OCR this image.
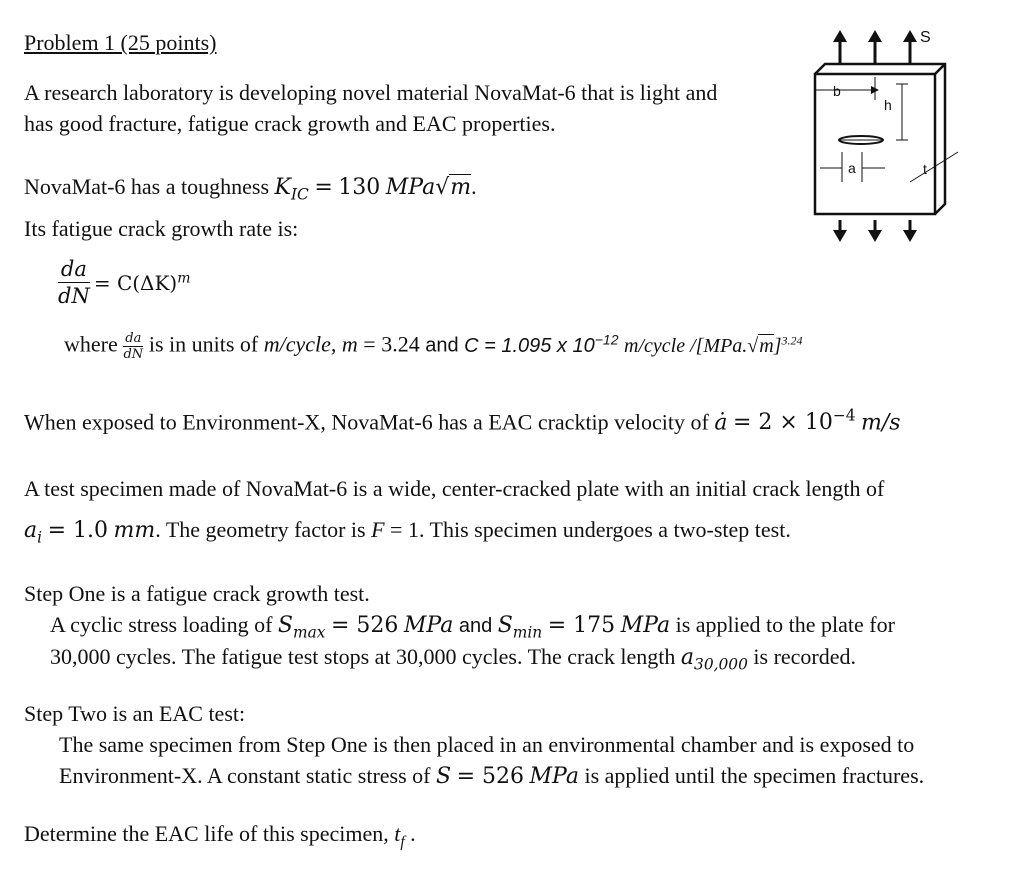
Problem 1 (25 points)
A research laboratory is developing novel material NovaMat-6 that is light and
has good fracture, fatigue crack growth and EAC properties.
NovaMat-6 has a toughness $K_{IC} = 130$ MPa√m.
Its fatigue crack growth rate is:
$\frac{da}{dN} = C(\Delta K)^m$
where $\frac{da}{dN}$ is in units of m/cycle, m = 3.24 and C = 1.095 x $10^{-12}$ m/cycle $/[MPa.√m]^{3.24}$
When exposed to Environment-X, NovaMat-6 has a EAC cracktip velocity of ȧ = $2 \times 10^{-4}$ m/s
A test specimen made of NovaMat-6 is a wide, center-cracked plate with an initial crack length of
$a_i = 1.0$ mm. The geometry factor is F = 1. This specimen undergoes a two-step test.
Step One is a fatigue crack growth test.
A cyclic stress loading of $S_{max} = 526$ MPa and $S_{min} = 175$ MPa is applied to the plate for
30,000 cycles. The fatigue test stops at 30,000 cycles. The crack length $a_{30,000}$ is recorded.
Step Two is an EAC test:
The same specimen from Step One is then placed in an environmental chamber and is exposed to
Environment-X. A constant static stress of S = 526 MPa is applied until the specimen fractures.
Determine the EAC life of this specimen, $t_f$ .
S
b
h
a	t
